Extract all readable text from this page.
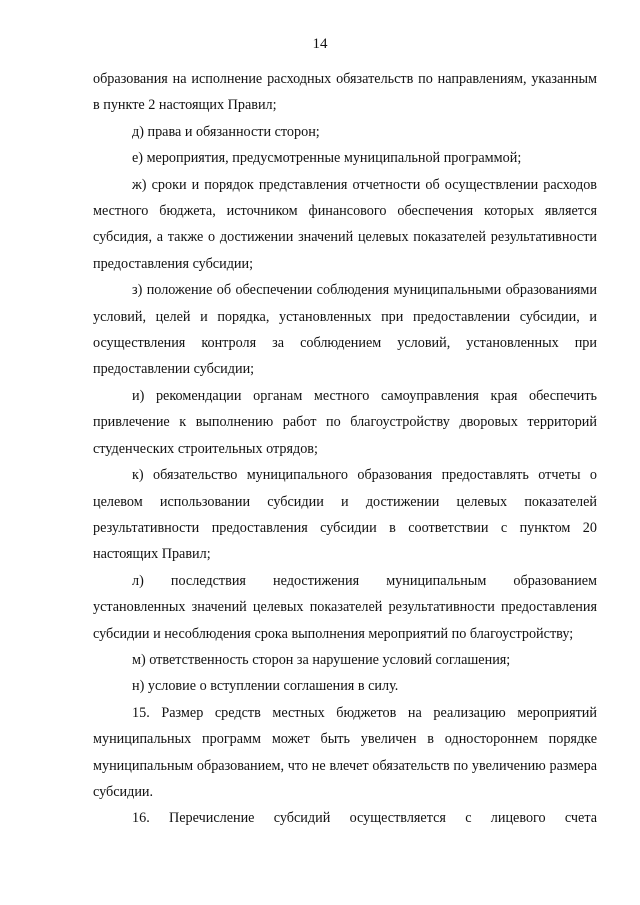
14

образования на исполнение расходных обязательств по направлениям, указанным в пункте 2 настоящих Правил;

д) права и обязанности сторон;

е) мероприятия, предусмотренные муниципальной программой;

ж) сроки и порядок представления отчетности об осуществлении расходов местного бюджета, источником финансового обеспечения которых является субсидия, а также о достижении значений целевых показателей результативности предоставления субсидии;

з) положение об обеспечении соблюдения муниципальными образованиями условий, целей и порядка, установленных при предоставлении субсидии, и осуществления контроля за соблюдением условий, установленных при предоставлении субсидии;

и) рекомендации органам местного самоуправления края обеспечить привлечение к выполнению работ по благоустройству дворовых территорий студенческих строительных отрядов;

к) обязательство муниципального образования предоставлять отчеты о целевом использовании субсидии и достижении целевых показателей результативности предоставления субсидии в соответствии с пунктом 20 настоящих Правил;

л) последствия недостижения муниципальным образованием установленных значений целевых показателей результативности предоставления субсидии и несоблюдения срока выполнения мероприятий по благоустройству;

м) ответственность сторон за нарушение условий соглашения;

н) условие о вступлении соглашения в силу.

15. Размер средств местных бюджетов на реализацию мероприятий муниципальных программ может быть увеличен в одностороннем порядке муниципальным образованием, что не влечет обязательств по увеличению размера субсидии.

16. Перечисление субсидий осуществляется с лицевого счета
